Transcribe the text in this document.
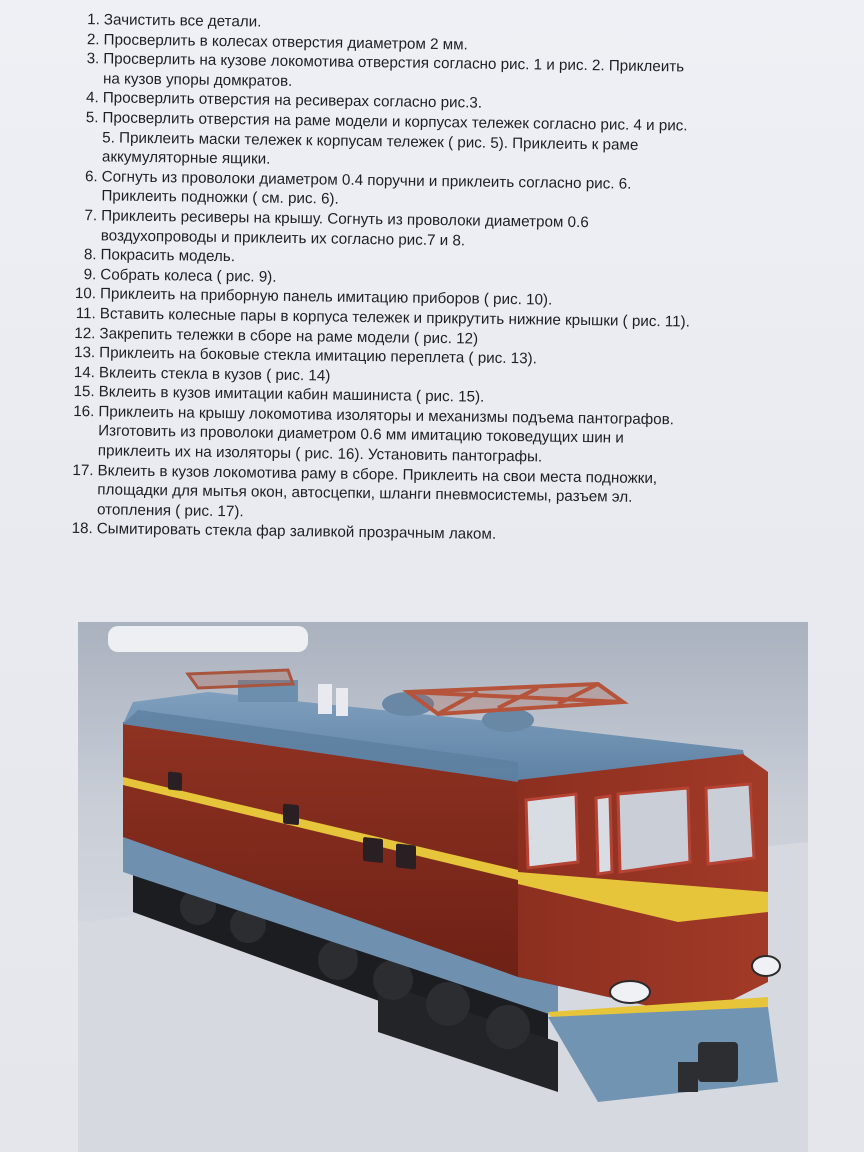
1. Зачистить все детали.
2. Просверлить в колесах отверстия диаметром 2 мм.
3. Просверлить на кузове локомотива отверстия согласно рис. 1 и рис. 2. Приклеить на кузов упоры домкратов.
4. Просверлить отверстия на ресиверах согласно рис.3.
5. Просверлить отверстия на раме модели и корпусах тележек согласно рис. 4 и рис. 5. Приклеить маски тележек к корпусам тележек ( рис. 5). Приклеить к раме аккумуляторные ящики.
6. Согнуть из проволоки диаметром 0.4 поручни и приклеить согласно рис. 6. Приклеить подножки ( см. рис. 6).
7. Приклеить ресиверы на крышу. Согнуть из проволоки диаметром 0.6 воздухопроводы и приклеить их согласно рис.7 и 8.
8. Покрасить модель.
9. Собрать колеса ( рис. 9).
10. Приклеить на приборную панель имитацию приборов ( рис. 10).
11. Вставить колесные пары в корпуса тележек и прикрутить нижние крышки ( рис. 11).
12. Закрепить тележки в сборе на раме модели ( рис. 12)
13. Приклеить на боковые стекла имитацию переплета ( рис. 13).
14. Вклеить стекла в кузов ( рис. 14)
15. Вклеить в кузов имитации кабин машиниста ( рис. 15).
16. Приклеить на крышу локомотива изоляторы и механизмы подъема пантографов. Изготовить из проволоки диаметром 0.6 мм имитацию токоведущих шин и приклеить их на изоляторы ( рис. 16). Установить пантографы.
17. Вклеить в кузов локомотива раму в сборе. Приклеить на свои места подножки, площадки для мытья окон, автосцепки, шланги пневмосистемы, разъем эл. отопления ( рис. 17).
18. Сымитировать стекла фар заливкой прозрачным лаком.
